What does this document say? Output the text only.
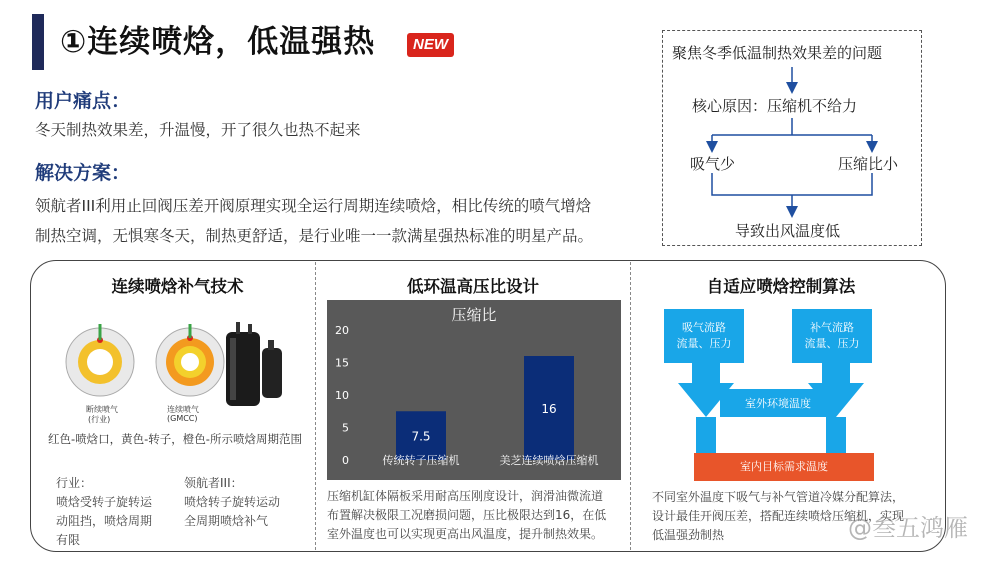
①连续喷焓，低温强热	NEW
用户痛点：
冬天制热效果差，升温慢，开了很久也热不起来
解决方案：
领航者III利用止回阀压差开阀原理实现全运行周期连续喷焓，相比传统的喷气增焓
制热空调，无惧寒冬天，制热更舒适，是行业唯一一款满星强热标准的明星产品。
聚焦冬季低温制热效果差的问题
核心原因：压缩机不给力
吸气少	压缩比小
导致出风温度低
连续喷焓补气技术
断续喷气
(行业)
连续喷气
(GMCC)
红色-喷焓口，黄色-转子，橙色-所示喷焓周期范围
行业：
喷焓受转子旋转运
动阻挡，喷焓周期
有限
领航者III：
喷焓转子旋转运动
全周期喷焓补气
低环温高压比设计
压缩比
0
5
10
15
20
7.5
传统转子压缩机
16
美芝连续喷焓压缩机
压缩机缸体隔板采用耐高压刚度设计，润滑油微流道
布置解决极限工况磨损问题，压比极限达到16，在低
室外温度也可以实现更高出风温度，提升制热效果。
自适应喷焓控制算法
吸气流路
流量、压力
补气流路
流量、压力
室外环境温度
室内目标需求温度
不同室外温度下吸气与补气管道冷媒分配算法，
设计最佳开阀压差，搭配连续喷焓压缩机，实现
低温强劲制热	@叁五鸿雁
